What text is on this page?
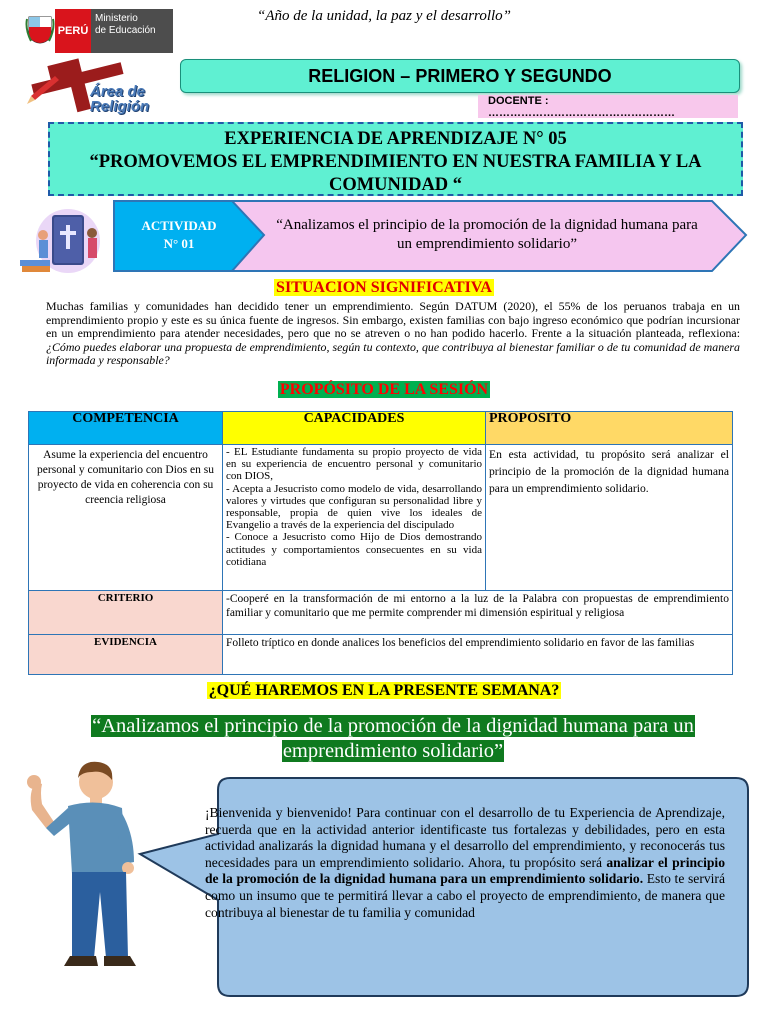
“Año de la unidad, la paz y el desarrollo”
PERÚ
Ministerio
de Educación
Área de
Religión
RELIGION – PRIMERO Y SEGUNDO
DOCENTE : ……………………………………………
EXPERIENCIA DE APRENDIZAJE N° 05
“PROMOVEMOS EL EMPRENDIMIENTO EN NUESTRA FAMILIA Y LA COMUNIDAD “
ACTIVIDAD
N° 01
“Analizamos el principio de la promoción de la dignidad humana para un emprendimiento solidario”
SITUACION SIGNIFICATIVA
Muchas familias y comunidades han decidido tener un emprendimiento. Según DATUM (2020), el 55% de los peruanos trabaja en un emprendimiento propio y este es su única fuente de ingresos. Sin embargo, existen familias con bajo ingreso económico que podrían incursionar en un emprendimiento para atender necesidades, pero que no se atreven o no han podido hacerlo. Frente a la situación planteada, reflexiona: ¿Cómo puedes elaborar una propuesta de emprendimiento, según tu contexto, que contribuya al bienestar familiar o de tu comunidad de manera informada y responsable?
PROPÓSITO DE LA SESIÓN
COMPETENCIA	CAPACIDADES	PROPOSITO
Asume la experiencia del encuentro personal y comunitario con Dios en su proyecto de vida en coherencia con su creencia religiosa	- EL Estudiante fundamenta su propio proyecto de vida en su experiencia de encuentro personal y comunitario con DIOS,
- Acepta a Jesucristo como modelo de vida, desarrollando valores y virtudes que configuran su personalidad libre y responsable, propia de quien vive los ideales de Evangelio a través de la experiencia del discipulado
- Conoce a Jesucristo como Hijo de Dios demostrando actitudes y comportamientos consecuentes en su vida cotidiana	En esta actividad, tu propósito será analizar el principio de la promoción de la dignidad humana para un emprendimiento solidario.
CRITERIO	-Cooperé en la transformación de mi entorno a la luz de la Palabra con propuestas de emprendimiento familiar y comunitario que me permite comprender mi dimensión espiritual y religiosa	
EVIDENCIA	Folleto tríptico en donde analices los beneficios del emprendimiento solidario en favor de las familias	
¿QUÉ HAREMOS EN LA PRESENTE SEMANA?
“Analizamos el principio de la promoción de la dignidad humana para un emprendimiento solidario”
¡Bienvenida y bienvenido! Para continuar con el desarrollo de tu Experiencia de Aprendizaje, recuerda que en la actividad anterior identificaste tus fortalezas y debilidades, pero en esta actividad analizarás la dignidad humana y el desarrollo del emprendimiento, y reconocerás tus necesidades para un emprendimiento solidario. Ahora, tu propósito será analizar el principio de la promoción de la dignidad humana para un emprendimiento solidario. Esto te servirá como un insumo que te permitirá llevar a cabo el proyecto de emprendimiento, de manera que contribuya al bienestar de tu familia y comunidad
